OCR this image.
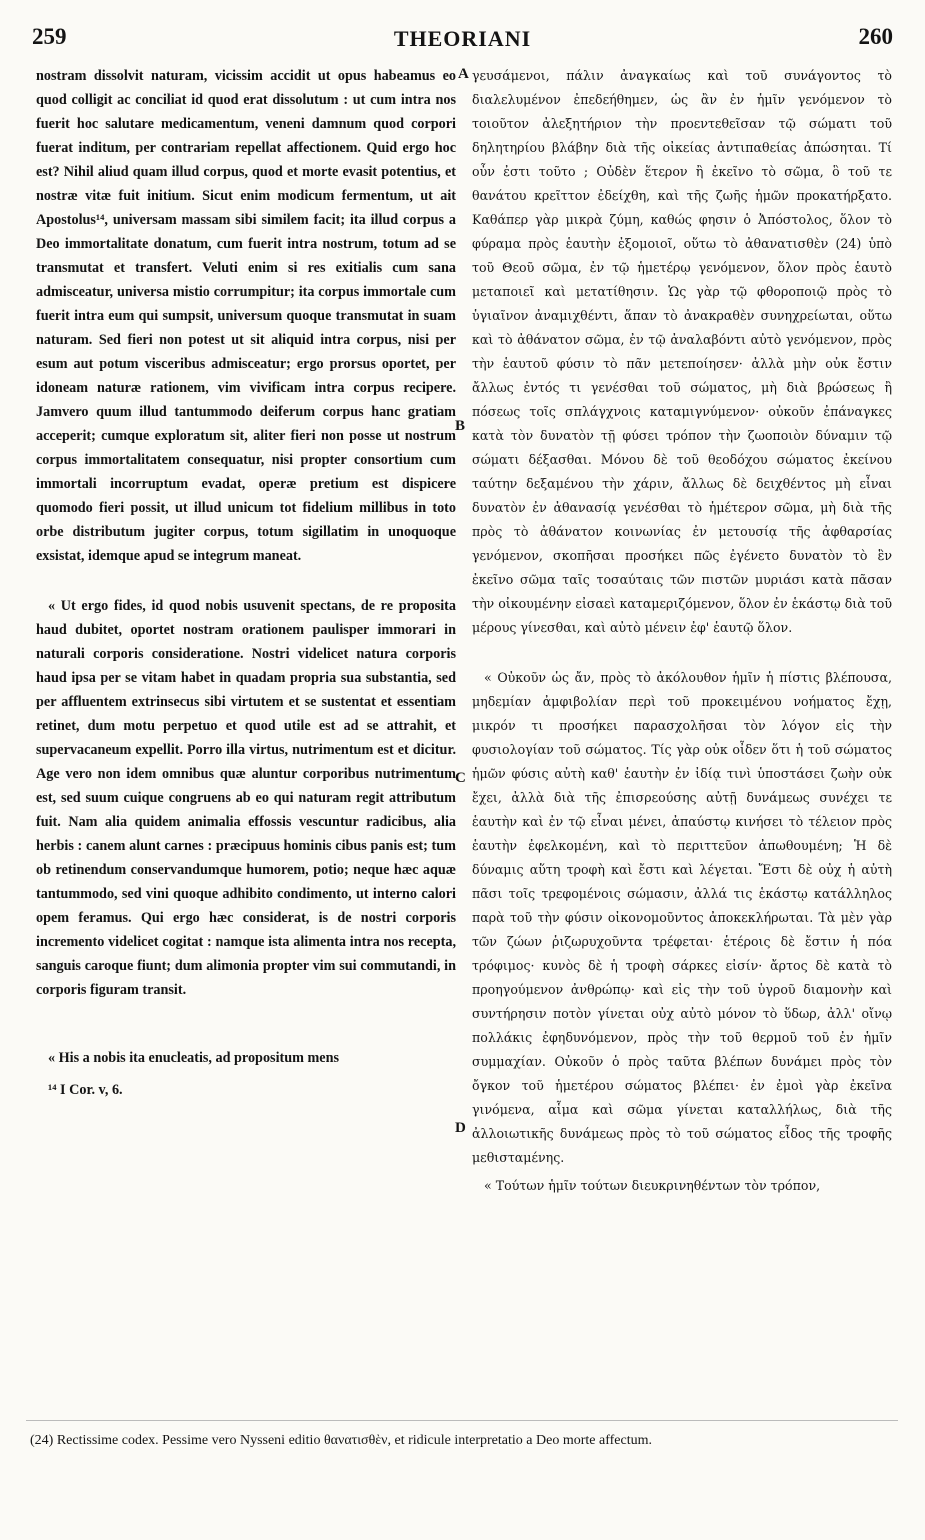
259	THEORIANI	260

nostram dissolvit naturam, vicissim accidit ut opus habeamus eo quod colligit ac conciliat id quod erat dissolutum : ut cum intra nos fuerit hoc salutare medicamentum, veneni damnum quod corpori fuerat inditum, per contrariam repellat affectionem. Quid ergo hoc est? Nihil aliud quam illud corpus, quod et morte evasit potentius, et nostræ vitæ fuit initium. Sicut enim modicum fermentum, ut ait Apostolus¹⁴, universam massam sibi similem facit; ita illud corpus a Deo immortalitate donatum, cum fuerit intra nostrum, totum ad se transmutat et transfert. Veluti enim si res exitialis cum sana admisceatur, universa mistio corrumpitur; ita corpus immortale cum fuerit intra eum qui sumpsit, universum quoque transmutat in suam naturam. Sed fieri non potest ut sit aliquid intra corpus, nisi per esum aut potum visceribus admisceatur; ergo prorsus oportet, per idoneam naturæ rationem, vim vivificam intra corpus recipere. Jamvero quum illud tantummodo deiferum corpus hanc gratiam acceperit; cumque exploratum sit, aliter fieri non posse ut nostrum corpus immortalitatem consequatur, nisi propter consortium cum immortali incorruptum evadat, operæ pretium est dispicere quomodo fieri possit, ut illud unicum tot fidelium millibus in toto orbe distributum jugiter corpus, totum sigillatim in unoquoque exsistat, idemque apud se integrum maneat.

« Ut ergo fides, id quod nobis usuvenit spectans, de re proposita haud dubitet, oportet nostram orationem paulisper immorari in naturali corporis consideratione. Nostri videlicet natura corporis haud ipsa per se vitam habet in quadam propria sua substantia, sed per affluentem extrinsecus sibi virtutem et se sustentat et essentiam retinet, dum motu perpetuo et quod utile est ad se attrahit, et supervacaneum expellit. Porro illa virtus, nutrimentum est et dicitur. Age vero non idem omnibus quæ aluntur corporibus nutrimentum est, sed suum cuique congruens ab eo qui naturam regit attributum fuit. Nam alia quidem animalia effossis vescuntur radicibus, alia herbis : canem alunt carnes : præcipuus hominis cibus panis est; tum ob retinendum conservandumque humorem, potio; neque hæc aquæ tantummodo, sed vini quoque adhibito condimento, ut interno calori opem feramus. Qui ergo hæc considerat, is de nostri corporis incremento videlicet cogitat : namque ista alimenta intra nos recepta, sanguis caroque fiunt; dum alimonia propter vim sui commutandi, in corporis figuram transit.

« His a nobis ita enucleatis, ad propositum mens

¹⁴ I Cor. v, 6.

A
B
C
D

γευσάμενοι, πάλιν ἀναγκαίως καὶ τοῦ συνάγοντος τὸ διαλελυμένον ἐπεδεήθημεν, ὡς ἂν ἐν ἡμῖν γενόμενον τὸ τοιοῦτον ἀλεξητήριον τὴν προεντεθεῖσαν τῷ σώματι τοῦ δηλητηρίου βλάβην διὰ τῆς οἰκείας ἀντιπαθείας ἀπώσηται. Τί οὖν ἐστι τοῦτο ; Οὐδὲν ἕτερον ἢ ἐκεῖνο τὸ σῶμα, ὃ τοῦ τε θανάτου κρεῖττον ἐδείχθη, καὶ τῆς ζωῆς ἡμῶν προκατήρξατο. Καθάπερ γὰρ μικρὰ ζύμη, καθώς φησιν ὁ Ἀπόστολος, ὅλον τὸ φύραμα πρὸς ἑαυτὴν ἐξομοιοῖ, οὕτω τὸ ἀθανατισθὲν (24) ὑπὸ τοῦ Θεοῦ σῶμα, ἐν τῷ ἡμετέρῳ γενόμενον, ὅλον πρὸς ἑαυτὸ μεταποιεῖ καὶ μετατίθησιν. Ὡς γὰρ τῷ φθοροποιῷ πρὸς τὸ ὑγιαῖνον ἀναμιχθέντι, ἅπαν τὸ ἀνακραθὲν συνηχρείωται, οὕτω καὶ τὸ ἀθάνατον σῶμα, ἐν τῷ ἀναλαβόντι αὐτὸ γενόμενον, πρὸς τὴν ἑαυτοῦ φύσιν τὸ πᾶν μετεποίησεν· ἀλλὰ μὴν οὐκ ἔστιν ἄλλως ἐντός τι γενέσθαι τοῦ σώματος, μὴ διὰ βρώσεως ἢ πόσεως τοῖς σπλάγχνοις καταμιγνύμενον· οὐκοῦν ἐπάναγκες κατὰ τὸν δυνατὸν τῇ φύσει τρόπον τὴν ζωοποιὸν δύναμιν τῷ σώματι δέξασθαι. Μόνου δὲ τοῦ θεοδόχου σώματος ἐκείνου ταύτην δεξαμένου τὴν χάριν, ἄλλως δὲ δειχθέντος μὴ εἶναι δυνατὸν ἐν ἀθανασίᾳ γενέσθαι τὸ ἡμέτερον σῶμα, μὴ διὰ τῆς πρὸς τὸ ἀθάνατον κοινωνίας ἐν μετουσίᾳ τῆς ἀφθαρσίας γενόμενον, σκοπῆσαι προσήκει πῶς ἐγένετο δυνατὸν τὸ ἓν ἐκεῖνο σῶμα ταῖς τοσαύταις τῶν πιστῶν μυριάσι κατὰ πᾶσαν τὴν οἰκουμένην εἰσαεὶ καταμεριζόμενον, ὅλον ἐν ἑκάστῳ διὰ τοῦ μέρους γίνεσθαι, καὶ αὐτὸ μένειν ἐφ' ἑαυτῷ ὅλον.

« Οὐκοῦν ὡς ἄν, πρὸς τὸ ἀκόλουθον ἡμῖν ἡ πίστις βλέπουσα, μηδεμίαν ἀμφιβολίαν περὶ τοῦ προκειμένου νοήματος ἔχῃ, μικρόν τι προσήκει παρασχολῆσαι τὸν λόγον εἰς τὴν φυσιολογίαν τοῦ σώματος. Τίς γὰρ οὐκ οἶδεν ὅτι ἡ τοῦ σώματος ἡμῶν φύσις αὐτὴ καθ' ἑαυτὴν ἐν ἰδίᾳ τινὶ ὑποστάσει ζωὴν οὐκ ἔχει, ἀλλὰ διὰ τῆς ἐπισρεούσης αὐτῇ δυνάμεως συνέχει τε ἑαυτὴν καὶ ἐν τῷ εἶναι μένει, ἀπαύστῳ κινήσει τὸ τέλειον πρὸς ἑαυτὴν ἐφελκομένη, καὶ τὸ περιττεῦον ἀπωθουμένη; Ἡ δὲ δύναμις αὕτη τροφὴ καὶ ἔστι καὶ λέγεται. Ἔστι δὲ οὐχ ἡ αὐτὴ πᾶσι τοῖς τρεφομένοις σώμασιν, ἀλλά τις ἑκάστῳ κατάλληλος παρὰ τοῦ τὴν φύσιν οἰκονομοῦντος ἀποκεκλήρωται. Τὰ μὲν γὰρ τῶν ζώων ῥιζωρυχοῦντα τρέφεται· ἑτέροις δὲ ἔστιν ἡ πόα τρόφιμος· κυνὸς δὲ ἡ τροφὴ σάρκες εἰσίν· ἄρτος δὲ κατὰ τὸ προηγούμενον ἀνθρώπῳ· καὶ εἰς τὴν τοῦ ὑγροῦ διαμονὴν καὶ συντήρησιν ποτὸν γίνεται οὐχ αὐτὸ μόνον τὸ ὕδωρ, ἀλλ' οἴνῳ πολλάκις ἐφηδυνόμενον, πρὸς τὴν τοῦ θερμοῦ τοῦ ἐν ἡμῖν συμμαχίαν. Οὐκοῦν ὁ πρὸς ταῦτα βλέπων δυνάμει πρὸς τὸν ὄγκον τοῦ ἡμετέρου σώματος βλέπει· ἐν ἐμοὶ γὰρ ἐκεῖνα γινόμενα, αἷμα καὶ σῶμα γίνεται καταλλήλως, διὰ τῆς ἀλλοιωτικῆς δυνάμεως πρὸς τὸ τοῦ σώματος εἶδος τῆς τροφῆς μεθισταμένης.

« Τούτων ἡμῖν τούτων διευκρινηθέντων τὸν τρόπον,

(24) Rectissime codex. Pessime vero Nysseni editio θανατισθὲν, et ridicule interpretatio a Deo morte affectum.
